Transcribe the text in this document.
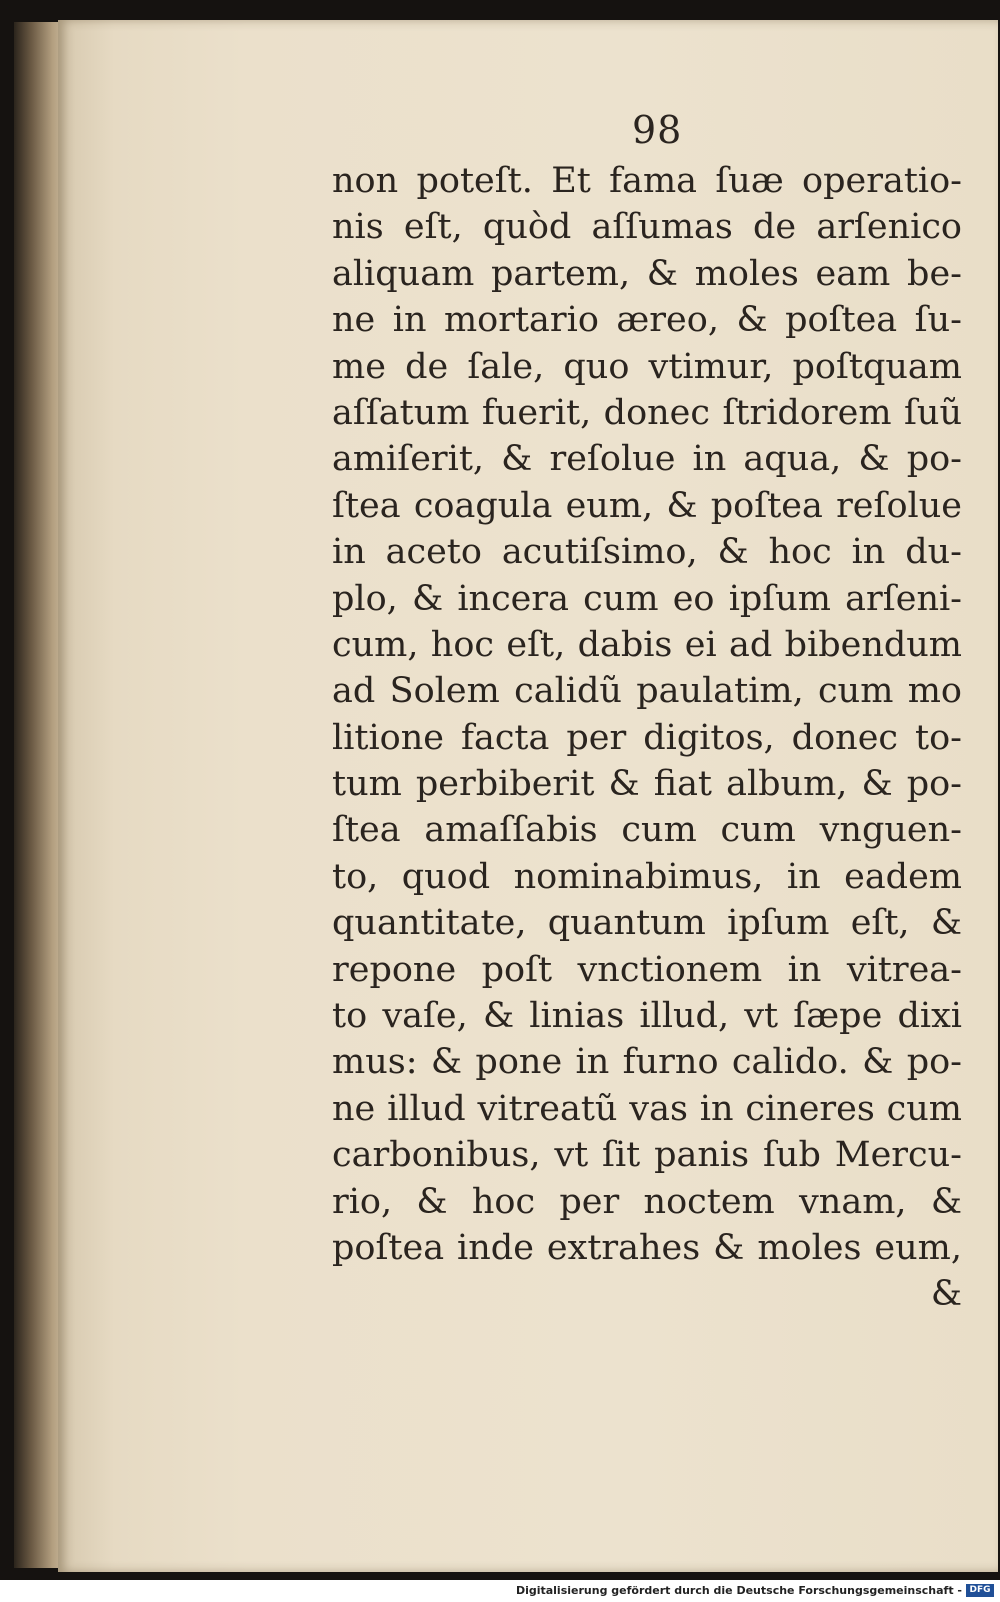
98
non poteſt. Et fama ſuæ operatio-
nis eſt, quòd aſſumas de arſenico
aliquam partem, & moles eam be-
ne in mortario æreo, & poſtea ſu-
me de ſale, quo vtimur, poſtquam
aſſatum fuerit, donec ſtridorem ſuũ
amiſerit, & reſolue in aqua, & po-
ſtea coagula eum, & poſtea reſolue
in aceto acutiſsimo, & hoc in du-
plo, & incera cum eo ipſum arſeni-
cum, hoc eſt, dabis ei ad bibendum
ad Solem calidũ paulatim, cum mo
litione facta per digitos, donec to-
tum perbiberit & fiat album, & po-
ſtea amaſſabis cum cum vnguen-
to, quod nominabimus, in eadem
quantitate, quantum ipſum eſt, &
repone poſt vnctionem in vitrea-
to vaſe, & linias illud, vt ſæpe dixi
mus: & pone in furno calido. & po-
ne illud vitreatũ vas in cineres cum
carbonibus, vt ſit panis ſub Mercu-
rio, & hoc per noctem vnam, &
poſtea inde extrahes & moles eum,
&
Digitalisierung gefördert durch die Deutsche Forschungsgemeinschaft - DFG
